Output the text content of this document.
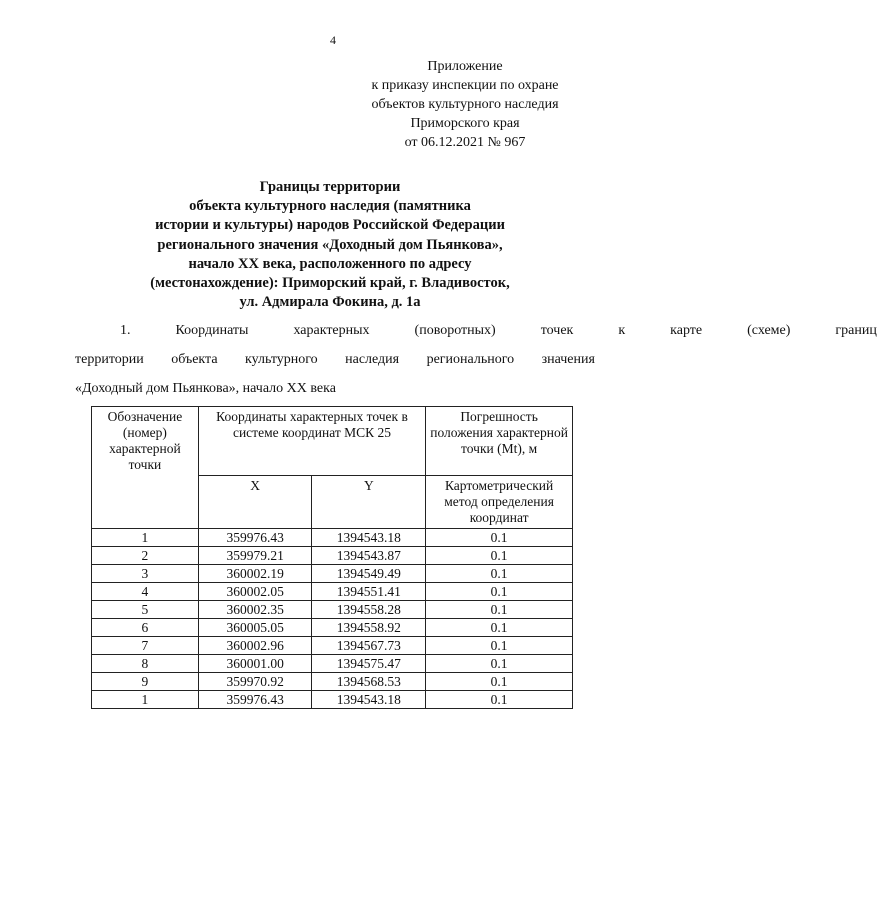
4
Приложение
к приказу инспекции по охране
объектов культурного наследия
Приморского края
от 06.12.2021 № 967
Границы территории
объекта культурного наследия (памятника
истории и культуры) народов Российской Федерации
регионального значения «Доходный дом Пьянкова»,
начало XX века, расположенного по адресу
(местонахождение): Приморский край, г. Владивосток,
ул. Адмирала Фокина, д. 1а
1.	Координаты	характерных	(поворотных)	точек	к	карте	(схеме)	границ
территории объекта культурного наследия регионального значения
«Доходный дом Пьянкова», начало XX века
Обозначение (номер) характерной точки	Координаты характерных точек в системе координат МСК 25		Погрешность положения характерной точки (Mt), м
	X	Y	Картометрический метод определения координат
1	359976.43	1394543.18	0.1
2	359979.21	1394543.87	0.1
3	360002.19	1394549.49	0.1
4	360002.05	1394551.41	0.1
5	360002.35	1394558.28	0.1
6	360005.05	1394558.92	0.1
7	360002.96	1394567.73	0.1
8	360001.00	1394575.47	0.1
9	359970.92	1394568.53	0.1
1	359976.43	1394543.18	0.1
